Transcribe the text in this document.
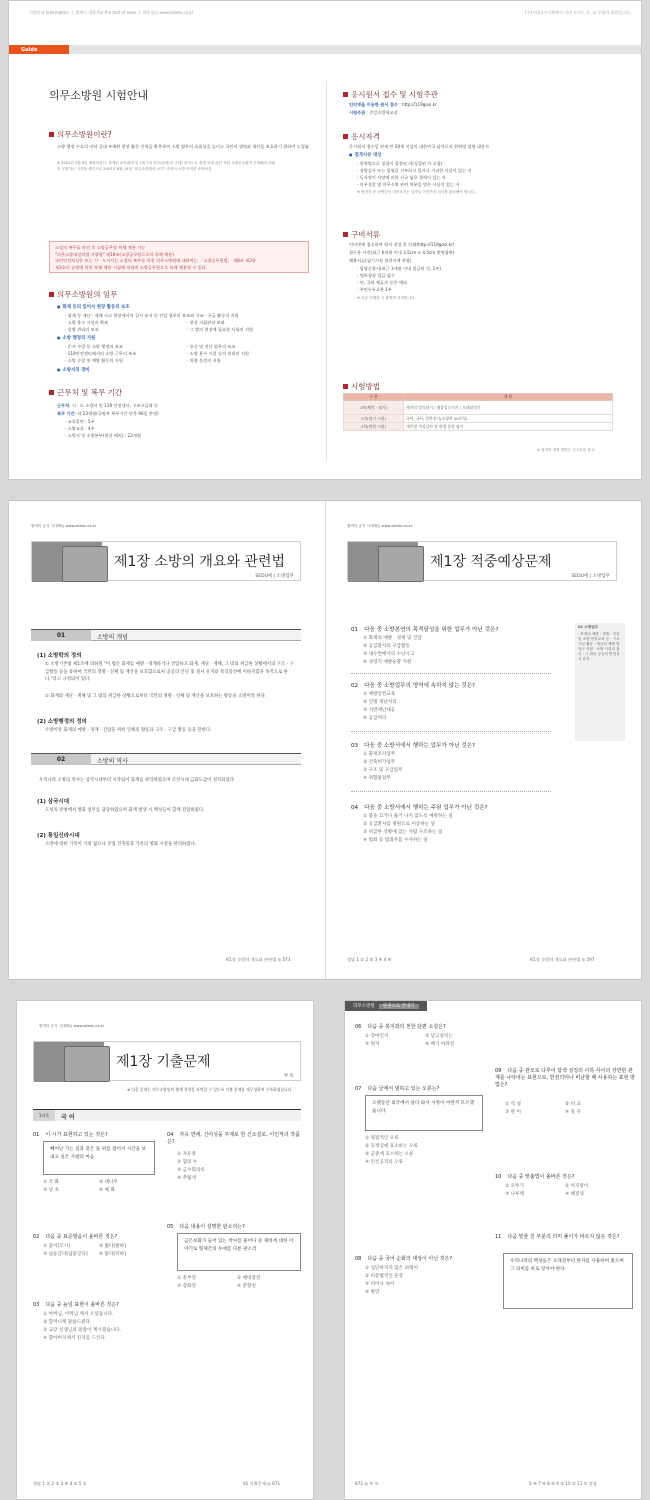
시험안내 Information  |  출제의 경향 For the test of ease  |  내용정리 www.sdedu.co.kr	[주]시대고시기획에서 펴낸 도서는 독, 교 우대의 대원입니다.
Guide
의무소방원 시험안내
의무소방원이란?
소방 행정 수요의 비약 증대 부족한 현장 활동 인력을 확충하여 소방 업무의 효율성을 높이고 국민의 생명과 재산을 보호하기 위하여 도입됨
※ 2001년 3월 8일 제출되었다. 출제된 4개 회에 및 2월 7일 산모(본래 의 군대) 원칙으로 경쟁 보내 관련 자원 소방공무원이 준대해서 의원
이 모집하는 시간을 제기으로 2003년 8월 19일 "의무소방원의 보기" 과정이 소방 의역을 소방안전
소정의 복무를 마친 후 소방공무원 특채 채용 가능
"의무소방대설치법 시행령" 제19조(소방공무원으로의 특채 채용)
국민안전처장은 또는 시 · 도지사는 소정의 복무를 마친 의무소방원에 대하여는 「소방공무원법」 제8조 제2항
제3호의 규정에 의한 특채 채용 시험에 의하여 소방공무원으로 특채 채용할 수 있다.
의무소방원의 임무
● 화재 등의 있어서 현장 활동의 보조
· 화재 등 재난 · 재해 사고 현장에서의 질서 유지 등 진압 업무의 보조와 구조 · 구급 활동의 지원
· 소방 용수 시설의 확보
· 상황 관리의 보조
· 현장 지휘관의 보좌
· 그 밖의 현장에 필요한 사항의 지원
● 소방 행정의 지원
· 문서 수발 등 소방 행정의 보조
· 119안전센터에서의 소방 근무의 보조
· 소방 순찰 및 예방 활동의 지원
· 통신 및 전산 업무의 보조
· 소방 용수 시설 등의 관리의 지원
· 차량 운전의 지원
● 소방서의 경비
근무처 및 복무 기간
근무처: 시 · 도 소방서 및 119 안전센터, 구조구급대 등
복무 기간: 약 23개월(국방부 복무기간 단축 90일 반영)
· 교육훈련 : 5주
· 소방교육 : 4주
· 소방서 및 소방본부(현장 배치) : 22개월
응시원서 접수 및 시험주관
인터넷을 이용한 원서 접수 : http://119gosi.kr
시험주관 : 중앙소방학교장
응시자격
응시원서 접수일 현재 만 20세 이상의 대한민국 남자로서 현역병 입영 대상자
● 결격사유 대상
· 현역병으로 징집이 결정된 자(징집된 자 포함)
· 징병검사 또는 입영을 거부하고 있거나 기피한 사실이 있는 자
· 독자정이 사망에 의한 신규 임용 경력이 있는 자
· 의무경찰 및 의무소방 관련 처분을 받은 사실이 있는 자
※ 합격자 중 징병검사 미종료자는 입영일 이전까지 검사를 완료해야 합니다.
구비서류
인터넷에 접속하여 원서 작성 후 인쇄(http://119gosi.kr)
접수용 사진(최근 6개월 이내 3.5cm × 4.5cm 반명함판)
체출서류(필기시험 합격자에 한함)
· 입영신청서(최근 3개월 이내 발급된 것, 1부)
- 병무청장 발급 필수
- 단, 국외 체류자 등은 예외
· 주민등록초본 1부
※ 서류 미제출 시 불합격 처리합니다.
시험방법
구 분	내 용
1차(체력 · 필기)	제자리 멀리뛰기 / 윗몸일으키기 / 오래달리기
2차(필기 시험)	국어, 국사, 일반상식(소방학 20문항)
3차(면접 시험)	개인별 적성검사 및 면접 종합 평가
※ 합격자 결정 방법은 공고문을 참고
합격의 공식 시대에듀 www.sdedu.co.kr
제1장 소방의 개요와 관련법
SEDU에 | 소방업무
01	소방의 개념
(1) 소방학의 정의
① 소방기본법 제1조에 의하면 "이 법은 화재를 예방 · 경계하거나 진압하고 화재, 재난 · 재해, 그 밖의 위급한 상황에서의 구조 · 구급활동 등을 통하여 국민의 생명 · 신체 및 재산을 보호함으로써 공공의 안녕 및 질서 유지와 복리증진에 이바지함을 목적으로 한다."라고 규정되어 있다.
② 화재와 재난 · 재해 및 그 밖의 위급한 상황으로부터 국민의 생명 · 신체 및 재산을 보호하는 활동을 소방이라 한다.
(2) 소방행정의 정의
소방이란 화재의 예방 · 경계 · 진압을 위한 일체의 활동과 구조 · 구급 활동 등을 말한다.
02	소방의 역사
우리나라 소방의 역사는 삼국시대부터 시작되어 화재를 관리하였으며 조선시대 금화도감이 설치되었다.
(1) 삼국시대
도성의 관청에서 방화 업무를 담당하였으며 화재 발생 시 백성들이 함께 진압하였다.
(2) 통일신라시대
소방에 대한 기록이 거의 없으나 궁궐 건축물과 가옥의 방화 시설을 관리하였다.
제1장 소방의 개요와 관련법 ◎ 573
합격의 공식 시대에듀 www.sdedu.co.kr
제1장 적중예상문제
SEDU에 | 소방업무
01 다음 중 소방본연의 목적달성을 위한 업무가 아닌 것은?
① 화재의 예방 · 경계 및 진압
② 응급환자의 구급활동
③ 내수면에서의 수난사고
④ 경영지 예방순찰 지원
02 다음 중 소방업무의 영역에 속하지 않는 것은?
① 예방안전교육
② 인명 재난처리
③ 지반재난대응
④ 응급처리
03 다음 중 소방서에서 행하는 업무가 아닌 것은?
① 화재조사업무
② 건축허가업무
③ 구조 및 구급업무
④ 위험물업무
04 다음 중 소방서에서 행하는 주된 업무가 아닌 것은?
① 불을 끄거나 옮기 나지 않도록 예방하는 일
② 응급환자를 병원으로 이송하는 일
③ 위급한 상황에 있는 사람 구조하는 일
④ 범죄 등 범죄자를 수사하는 일
01 소방업무
· 화재의 예방 · 경계 · 진압 및 소방 안전교육 등 · 구조 · 구급 활동 · 재난의 예방 및 복구 지원 · 소방 시설의 관리 · 그 밖의 공공의 안녕질서 유지
정답 1 ② 2 ③ 3 ④ 4 ④	제1장 소방의 개요와 관련법 ◎ 597
합격의 공식 시대에듀 www.sdedu.co.kr
제1장 기출문제
부 록
※ 다음 문제는 의무소방원의 출제 경향을 파악할 수 있도록 기출 문제를 재구성하여 수록하였습니다.
1과목	국 어
01 이 시가 표현하고 있는 것은?
빼어난 가는 길과 같은 돌 위를 걸어서 시간을 보내고 싶은 사람의 마음
① 국 화	② 대나무
③ 난 초	④ 매 화
02 다음 중 표준발음이 올바른 것은?
① 꽃이[꼬시]	② 밟다[발따]
③ 넓둥글다[넙뚱글다] ④ 맑다[막따]
03 다음 중 높임 표현이 올바른 것은?
① 아버님, 어머님 께서 오셨습니다.
② 할머니께 말씀드렸다.
③ 교장 선생님의 말씀이 계시겠습니다.
④ 할아버지께서 진지를 드신다.
04 자유 연애, 신여성을 주제로 한 신소설로, 이인직의 작품은?
① 자유종
② 혈의 누
③ 금수회의록
④ 추월색
05 다음 내용이 설명한 판소리는?
금은보화가 들어 있는 박씨를 물어다 준 제비에 대한 이야기로 형제간의 우애를 다룬 판소리
① 흥부전	② 배비장전
③ 장화전	④ 춘향전
정답 1 ② 2 ② 3 ④ 4 ② 5 ①	01 기출문제 ◎ 871
의무소방원 한권으로 끝내기
06 다음 중 북지좌의 천한 단편 소설은?
① 장마인지	② 날고싶지는
③ 원지	④ 배가 아파진
07 다음 글에서 범하고 있는 오류는?
오랫동안 외국에서 살다 와서 사정이 어떤지 모르겠습니다.
① 원점적인 오류
② 동정심에 호소하는 오류
③ 군중에 호소하는 오류
④ 인신공격의 오류
08 다음 중 국어 순화의 대상이 아닌 것은?
① 입단하지지 않은 외래어
② 비문법적인 문장
③ 비어나 속어
④ 방언
09 다음 중 관모로 다루어 탐색 상징의 이하 사이의 상반한 관계를 나타내는 표현으로, 반전의미나 비난할 때 사용하는 표현 방법은?
① 역 설	② 비 교
③ 반 어	④ 풍 유
10 다음 중 맞춤법이 올바른 것은?
① 오뚜기	② 아지랑이
③ 나루께	④ 해질녘
11 다음 밑줄 친 부분의 의미 풀이가 바르지 않은 것은?
우리나라의 백성들은 오래전부터 한자를 사용하여 왔으며 그 의미를 바로 알아야 한다.
872 ◎ 부 록	6 ④ 7 ④ 8 ④ 9 ③ 10 ② 11 ① 정답
